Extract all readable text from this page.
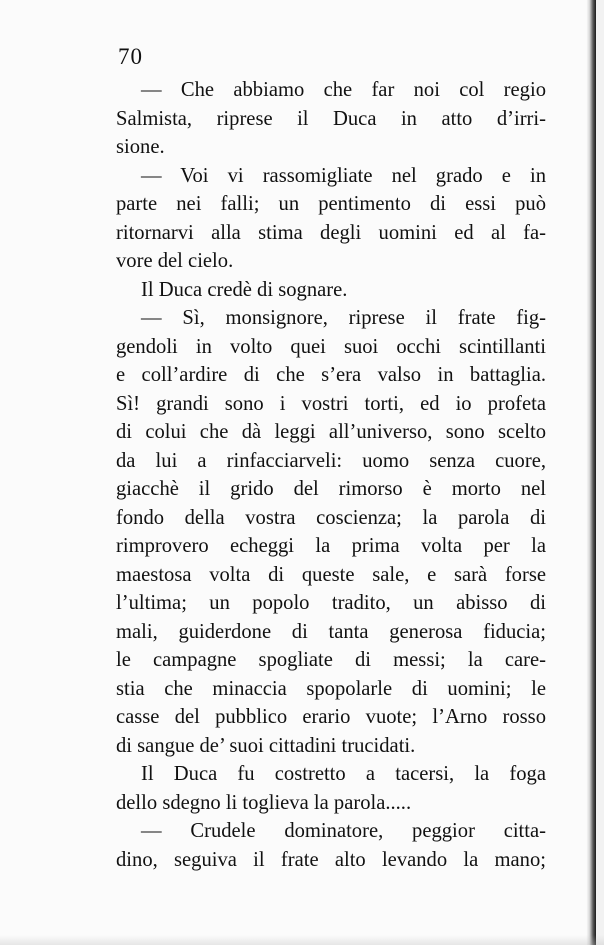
70
— Che abbiamo che far noi col regio
Salmista, riprese il Duca in atto d’irri-
sione.
— Voi vi rassomigliate nel grado e in
parte nei falli; un pentimento di essi può
ritornarvi alla stima degli uomini ed al fa-
vore del cielo.
Il Duca credè di sognare.
— Sì, monsignore, riprese il frate fig-
gendoli in volto quei suoi occhi scintillanti
e coll’ardire di che s’era valso in battaglia.
Sì! grandi sono i vostri torti, ed io profeta
di colui che dà leggi all’universo, sono scelto
da lui a rinfacciarveli: uomo senza cuore,
giacchè il grido del rimorso è morto nel
fondo della vostra coscienza; la parola di
rimprovero echeggi la prima volta per la
maestosa volta di queste sale, e sarà forse
l’ultima; un popolo tradito, un abisso di
mali, guiderdone di tanta generosa fiducia;
le campagne spogliate di messi; la care-
stia che minaccia spopolarle di uomini; le
casse del pubblico erario vuote; l’Arno rosso
di sangue de’ suoi cittadini trucidati.
Il Duca fu costretto a tacersi, la foga
dello sdegno li toglieva la parola.....
— Crudele dominatore, peggior citta-
dino, seguiva il frate alto levando la mano;
